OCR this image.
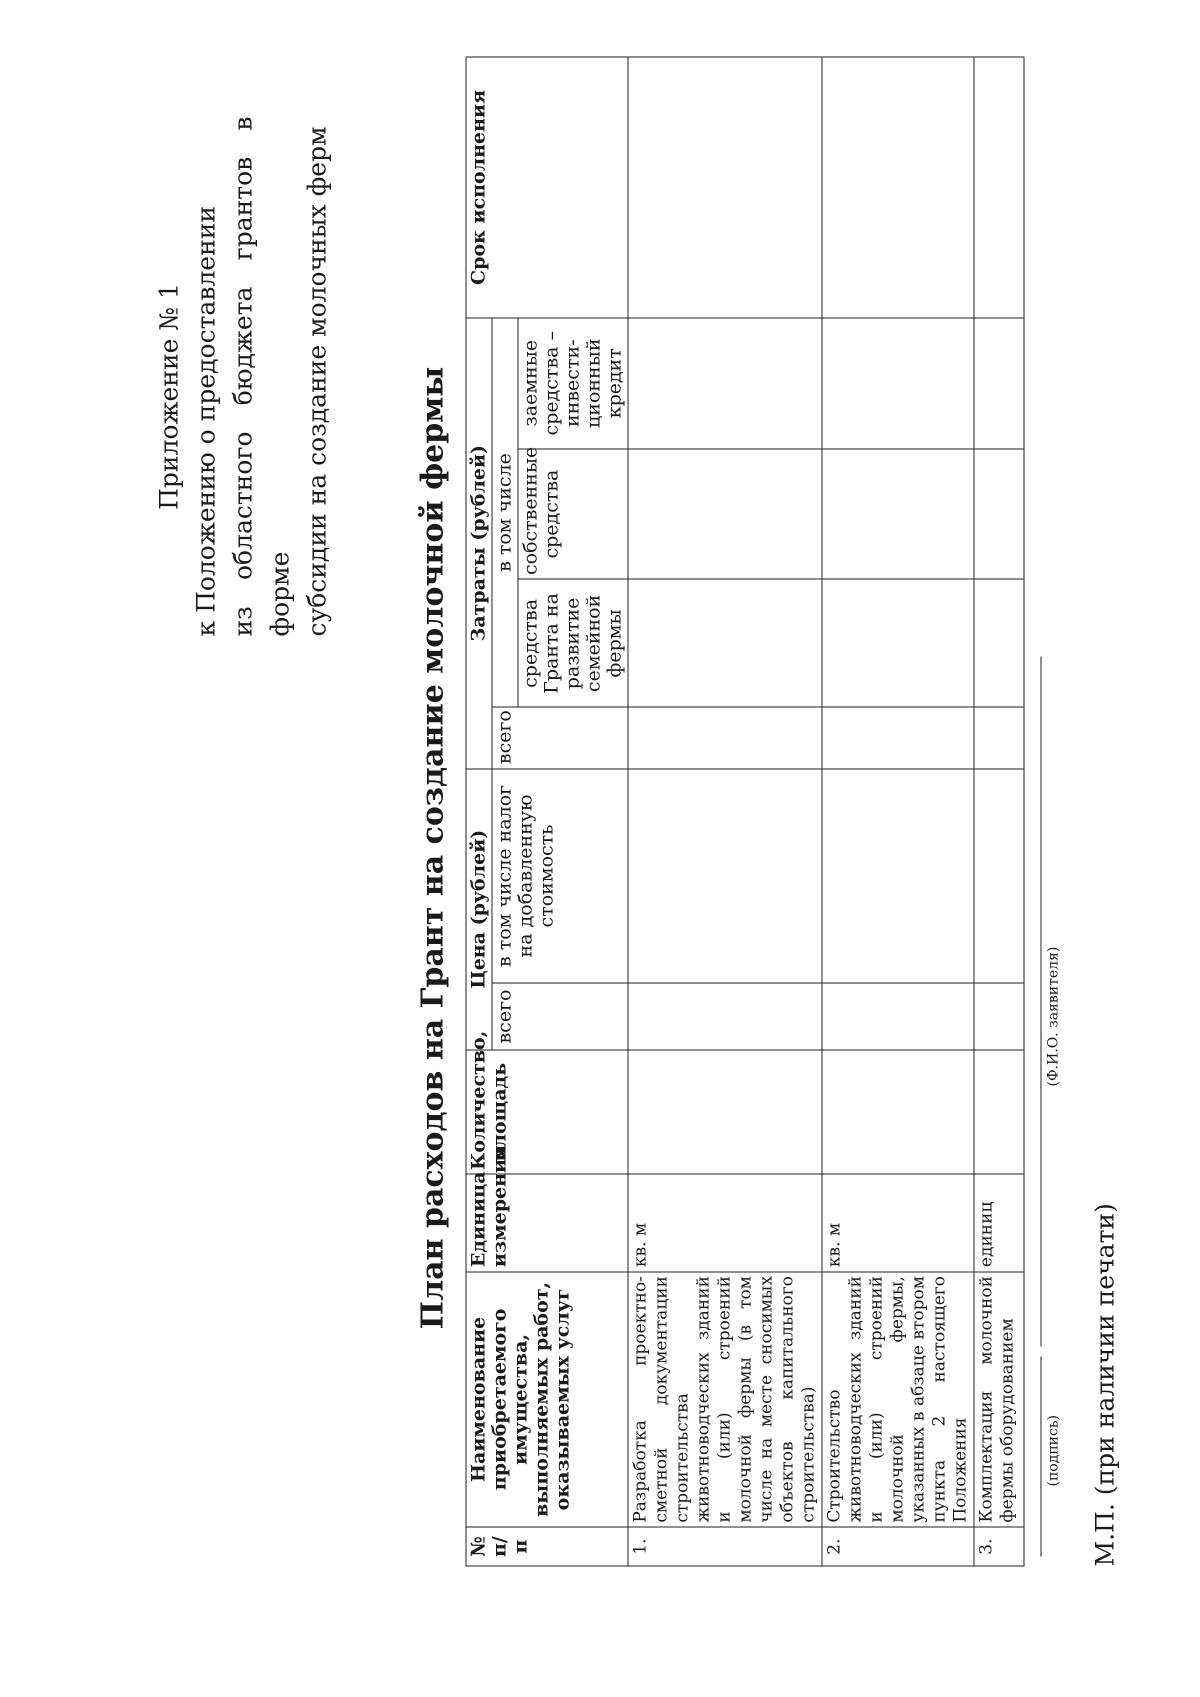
Приложение № 1 к Положению о предоставлении из областного бюджета грантов в форме субсидии на создание молочных ферм	План расходов на Грант на создание молочной фермы
№ п/п	Наименование приобретаемого имущества, выполняемых работ, оказываемых услуг	Единица измерения	Количество, площадь	Цена (рублей)		Затраты (рублей)				Срок исполнения
				всего	в том числе налог на добавленную стоимость	всего	в том числе			
							средства Гранта на развитие семейной фермы	собственные средства	заемные средства – инвести-ционный кредит	
1.	Разработка проектно-сметной документации строительства животноводческих зданий и (или) строений молочной фермы (в том числе на месте сносимых объектов капитального строительства)	кв. м								
2.	Строительство животноводческих зданий и (или) строений молочной фермы, указанных в абзаце втором пункта 2 настоящего Положения	кв. м								
3.	Комплектация молочной фермы оборудованием	единиц								
(подпись)
(Ф.И.О. заявителя)
М.П. (при наличии печати)
